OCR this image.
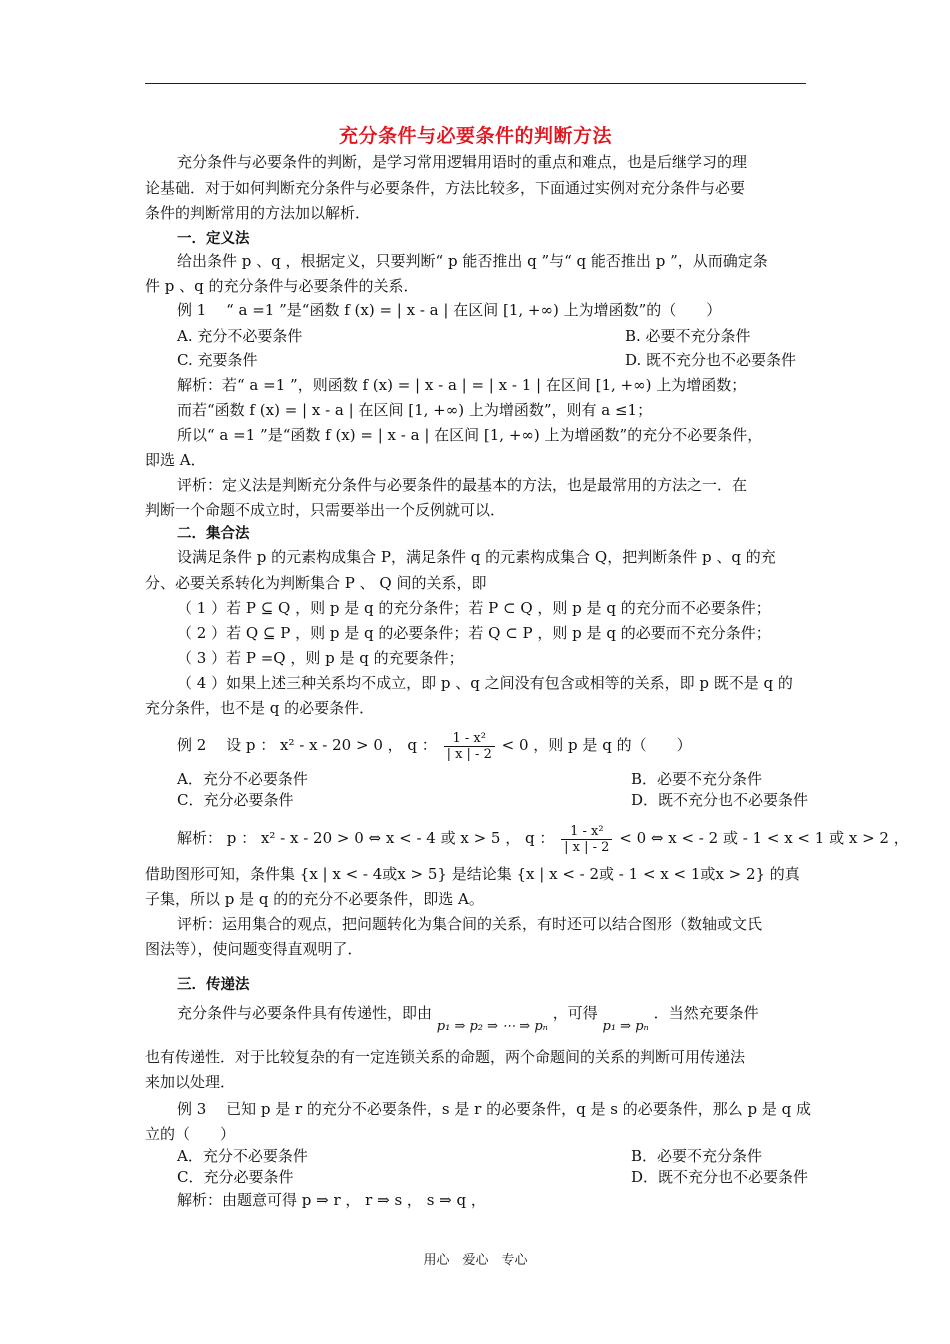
充分条件与必要条件的判断方法
充分条件与必要条件的判断，是学习常用逻辑用语时的重点和难点，也是后继学习的理
论基础．对于如何判断充分条件与必要条件，方法比较多，下面通过实例对充分条件与必要
条件的判断常用的方法加以解析．
一．定义法
给出条件 p 、q ，根据定义，只要判断“ p 能否推出 q ”与“ q 能否推出 p ”，从而确定条
件 p 、q 的充分条件与必要条件的关系．
例 1　 “ a =1 ”是“函数 f (x) = | x - a | 在区间 [1, +∞) 上为增函数”的（　　）
A. 充分不必要条件	B. 必要不充分条件
C. 充要条件	D. 既不充分也不必要条件
解析：若“ a =1 ”，则函数 f (x) = | x - a | = | x - 1 | 在区间 [1, +∞) 上为增函数；
而若“函数 f (x) = | x - a | 在区间 [1, +∞) 上为增函数”，则有 a ≤1；
所以“ a =1 ”是“函数 f (x) = | x - a | 在区间 [1, +∞) 上为增函数”的充分不必要条件，
即选 A．
评析：定义法是判断充分条件与必要条件的最基本的方法，也是最常用的方法之一．在
判断一个命题不成立时，只需要举出一个反例就可以．
二．集合法
设满足条件 p 的元素构成集合 P，满足条件 q 的元素构成集合 Q，把判断条件 p 、q 的充
分、必要关系转化为判断集合 P 、 Q 间的关系，即
（ 1 ）若 P ⊆ Q ，则 p 是 q 的充分条件；若 P ⊂ Q ，则 p 是 q 的充分而不必要条件；
（ 2 ）若 Q ⊆ P ，则 p 是 q 的必要条件；若 Q ⊂ P ，则 p 是 q 的必要而不充分条件；
（ 3 ）若 P =Q ，则 p 是 q 的充要条件；
（ 4 ）如果上述三种关系均不成立，即 p 、q 之间没有包含或相等的关系，即 p 既不是 q 的
充分条件，也不是 q 的必要条件．
例 2　 设 p ： x² - x - 20 > 0 ， q ： $\frac{\text{1 - x²}}{| x | - 2} < 0$ ，则 p 是 q 的（　　）
A．充分不必要条件	B．必要不充分条件
C．充分必要条件	D．既不充分也不必要条件
解析： p ： x² - x - 20 > 0 ⇔ x < - 4 或 x > 5 ， q ： $\frac{\text{1 - x²}}{| x | - 2} < 0$ ⇔ x < - 2 或 - 1 < x < 1 或 x > 2 ，
借助图形可知，条件集 {x | x < - 4或x > 5} 是结论集 {x | x < - 2或 - 1 < x < 1或x > 2} 的真
子集，所以 p 是 q 的的充分不必要条件，即选 A。
评析：运用集合的观点，把问题转化为集合间的关系，有时还可以结合图形（数轴或文氏
图法等），使问题变得直观明了．
三．传递法
充分条件与必要条件具有传递性，即由 p₁ ⇒ p₂ ⇒ ⋯ ⇒ pₙ ，可得 p₁ ⇒ pₙ ．当然充要条件
也有传递性．对于比较复杂的有一定连锁关系的命题，两个命题间的关系的判断可用传递法
来加以处理．
例 3　 已知 p 是 r 的充分不必要条件，s 是 r 的必要条件，q 是 s 的必要条件，那么 p 是 q 成
立的（　　）
A．充分不必要条件	B．必要不充分条件
C．充分必要条件	D．既不充分也不必要条件
解析：由题意可得 p ⇒ r ， r ⇒ s ， s ⇒ q ，
用心　爱心　专心
